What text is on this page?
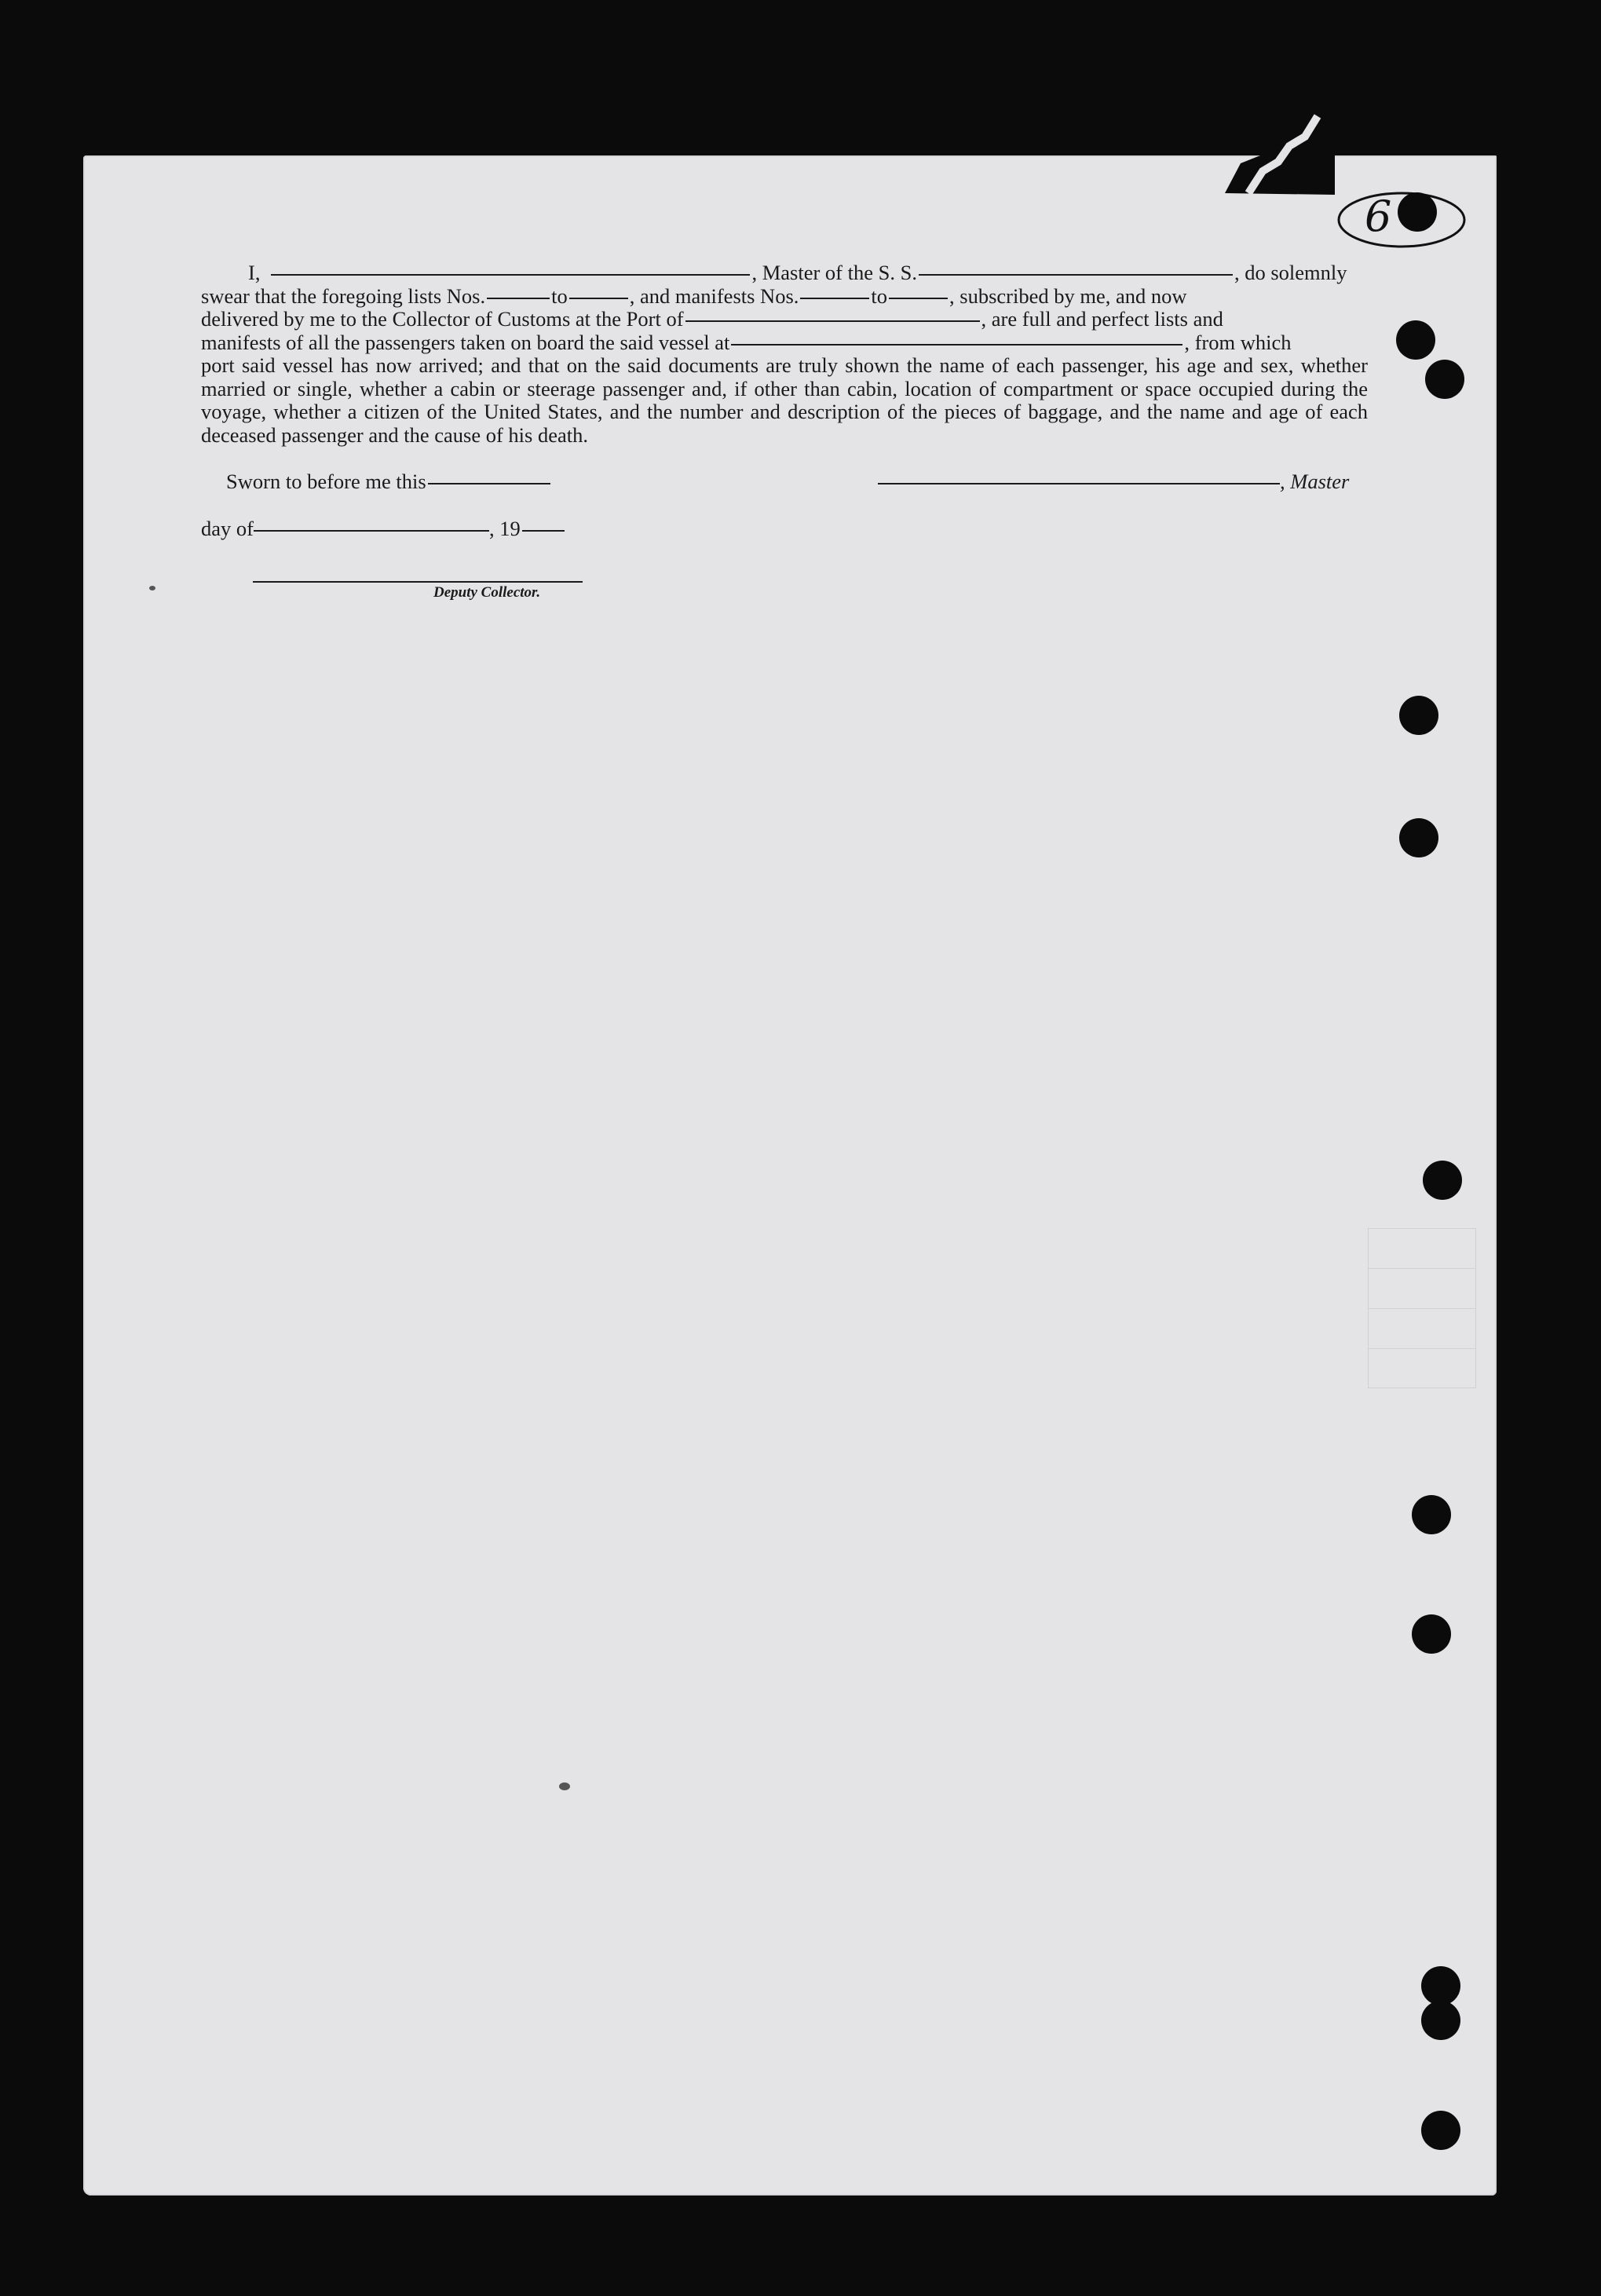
6
I,	, Master of the S. S.	, do solemnly
swear that the foregoing lists Nos.	to	, and manifests Nos.	to	, subscribed by me, and now
delivered by me to the Collector of Customs at the Port of	, are full and perfect lists and
manifests of all the passengers taken on board the said vessel at	, from which

port said vessel has now arrived; and that on the said documents are truly shown the name of each passenger, his age and sex, whether married or single, whether a cabin or steerage passenger and, if other than cabin, location of compartment or space occupied during the voyage, whether a citizen of the United States, and the number and description of the pieces of baggage, and the name and age of each deceased passenger and the cause of his death.

Sworn to before me this	, Master
day of	, 19
Deputy Collector.
